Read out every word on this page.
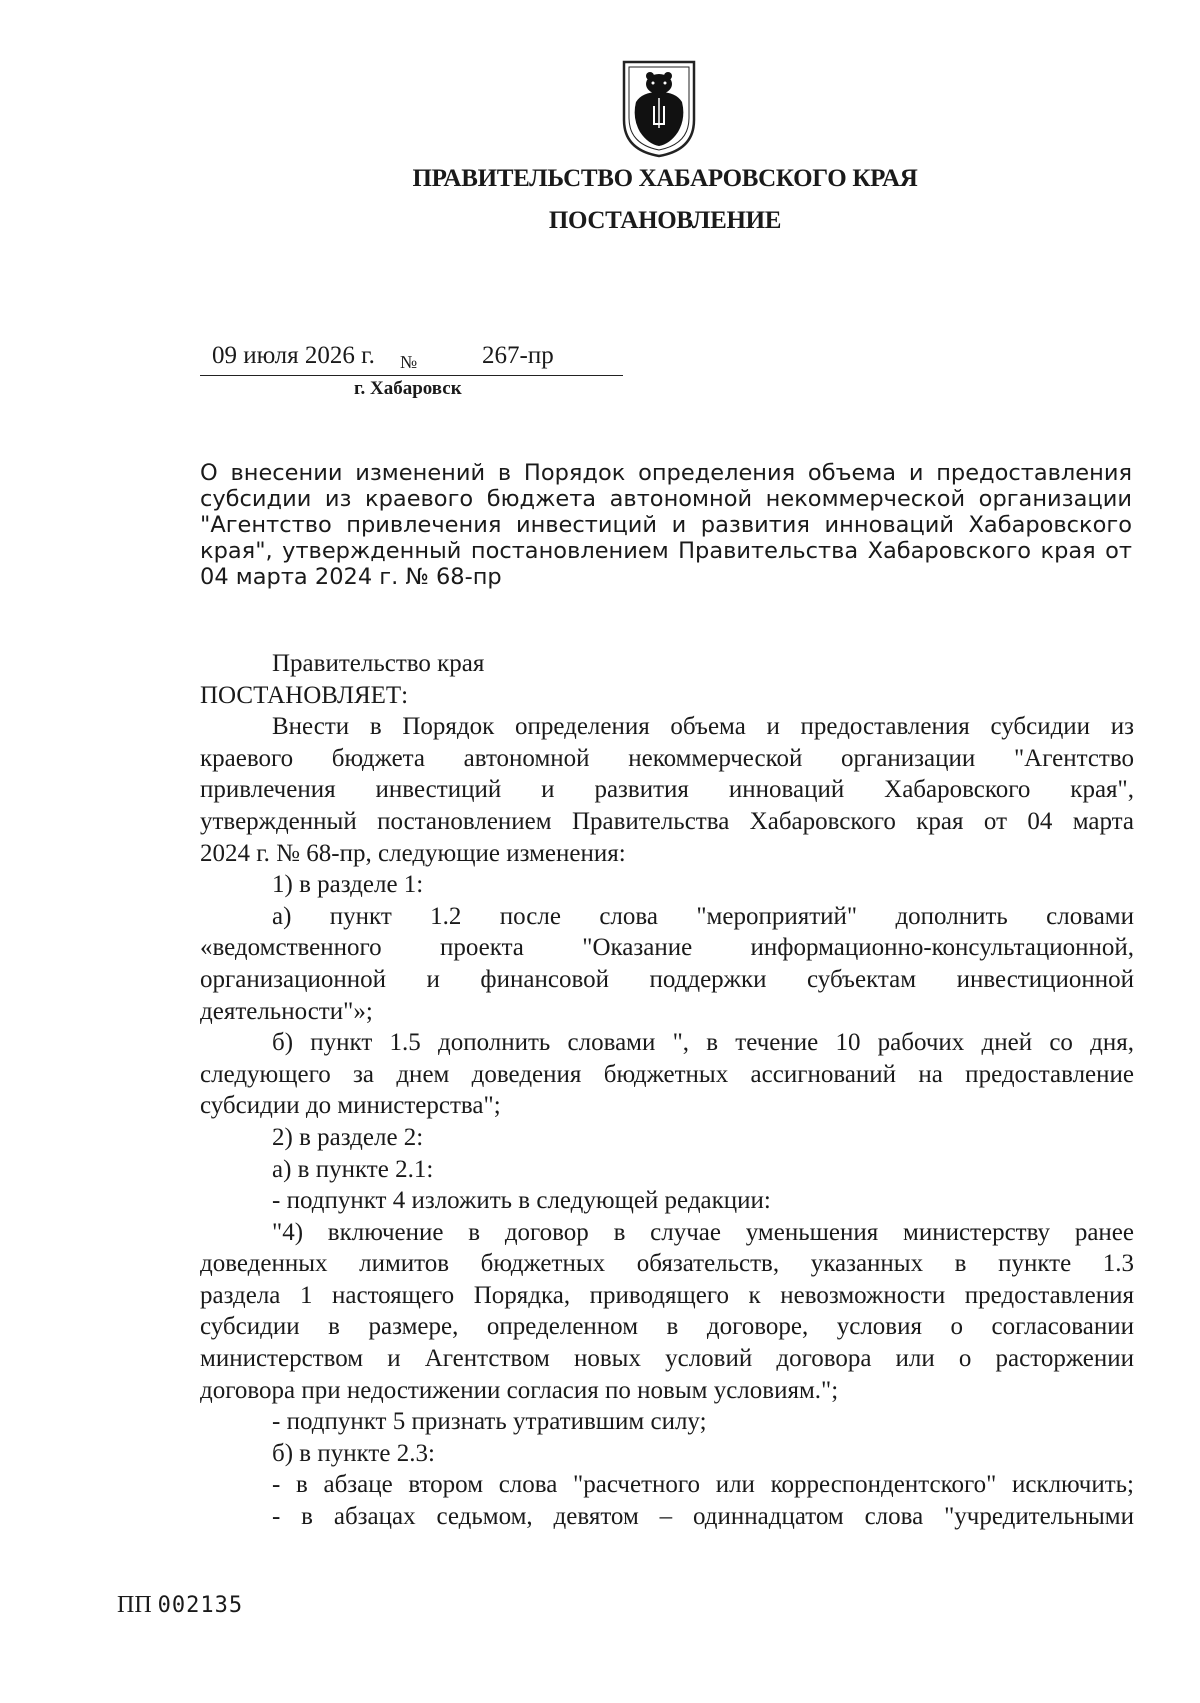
ПРАВИТЕЛЬСТВО ХАБАРОВСКОГО КРАЯ
ПОСТАНОВЛЕНИЕ
09 июля 2026 г. №	267-пр
г. Хабаровск
О внесении изменений в Порядок определения объема и предоставления
субсидии из краевого бюджета автономной некоммерческой организации
"Агентство привлечения инвестиций и развития инноваций Хабаровского
края", утвержденный постановлением Правительства Хабаровского края от
04 марта 2024 г. № 68-пр
Правительство края
ПОСТАНОВЛЯЕТ:
Внести в Порядок определения объема и предоставления субсидии из
краевого бюджета автономной некоммерческой организации "Агентство
привлечения инвестиций и развития инноваций Хабаровского края",
утвержденный постановлением Правительства Хабаровского края от 04 марта
2024 г. № 68-пр, следующие изменения:
1) в разделе 1:
а) пункт 1.2 после слова "мероприятий" дополнить словами
«ведомственного проекта "Оказание информационно-консультационной,
организационной и финансовой поддержки субъектам инвестиционной
деятельности"»;
б) пункт 1.5 дополнить словами ", в течение 10 рабочих дней со дня,
следующего за днем доведения бюджетных ассигнований на предоставление
субсидии до министерства";
2) в разделе 2:
а) в пункте 2.1:
- подпункт 4 изложить в следующей редакции:
"4) включение в договор в случае уменьшения министерству ранее
доведенных лимитов бюджетных обязательств, указанных в пункте 1.3
раздела 1 настоящего Порядка, приводящего к невозможности предоставления
субсидии в размере, определенном в договоре, условия о согласовании
министерством и Агентством новых условий договора или о расторжении
договора при недостижении согласия по новым условиям.";
- подпункт 5 признать утратившим силу;
б) в пункте 2.3:
- в абзаце втором слова "расчетного или корреспондентского" исключить;
- в абзацах седьмом, девятом – одиннадцатом слова "учредительными
ПП 002135
